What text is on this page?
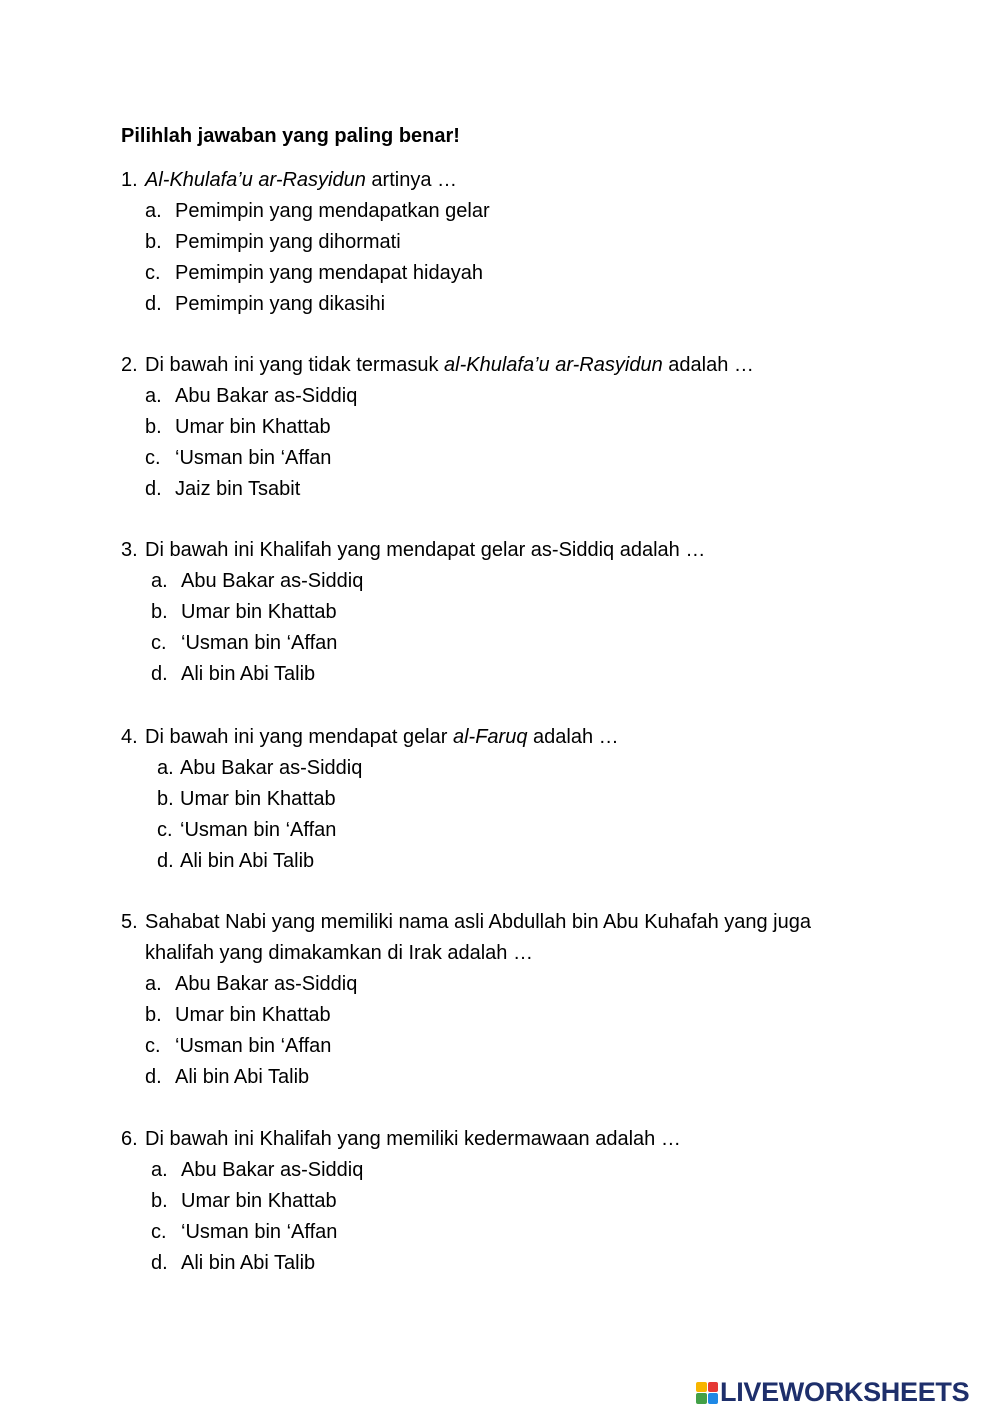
Pilihlah jawaban yang paling benar!
1. Al-Khulafa’u ar-Rasyidun artinya …
a. Pemimpin yang mendapatkan gelar
b. Pemimpin yang dihormati
c. Pemimpin yang mendapat hidayah
d. Pemimpin yang dikasihi
2. Di bawah ini yang tidak termasuk al-Khulafa’u ar-Rasyidun adalah …
a. Abu Bakar as-Siddiq
b. Umar bin Khattab
c. ‘Usman bin ‘Affan
d. Jaiz bin Tsabit
3. Di bawah ini Khalifah yang mendapat gelar as-Siddiq adalah …
a. Abu Bakar as-Siddiq
b. Umar bin Khattab
c. ‘Usman bin ‘Affan
d. Ali bin Abi Talib
4. Di bawah ini yang mendapat gelar al-Faruq adalah …
a. Abu Bakar as-Siddiq
b. Umar bin Khattab
c. ‘Usman bin ‘Affan
d. Ali bin Abi Talib
5. Sahabat Nabi yang memiliki nama asli Abdullah bin Abu Kuhafah yang juga khalifah yang dimakamkan di Irak adalah …
a. Abu Bakar as-Siddiq
b. Umar bin Khattab
c. ‘Usman bin ‘Affan
d. Ali bin Abi Talib
6. Di bawah ini Khalifah yang memiliki kedermawaan adalah …
a. Abu Bakar as-Siddiq
b. Umar bin Khattab
c. ‘Usman bin ‘Affan
d. Ali bin Abi Talib
LIVEWORKSHEETS
